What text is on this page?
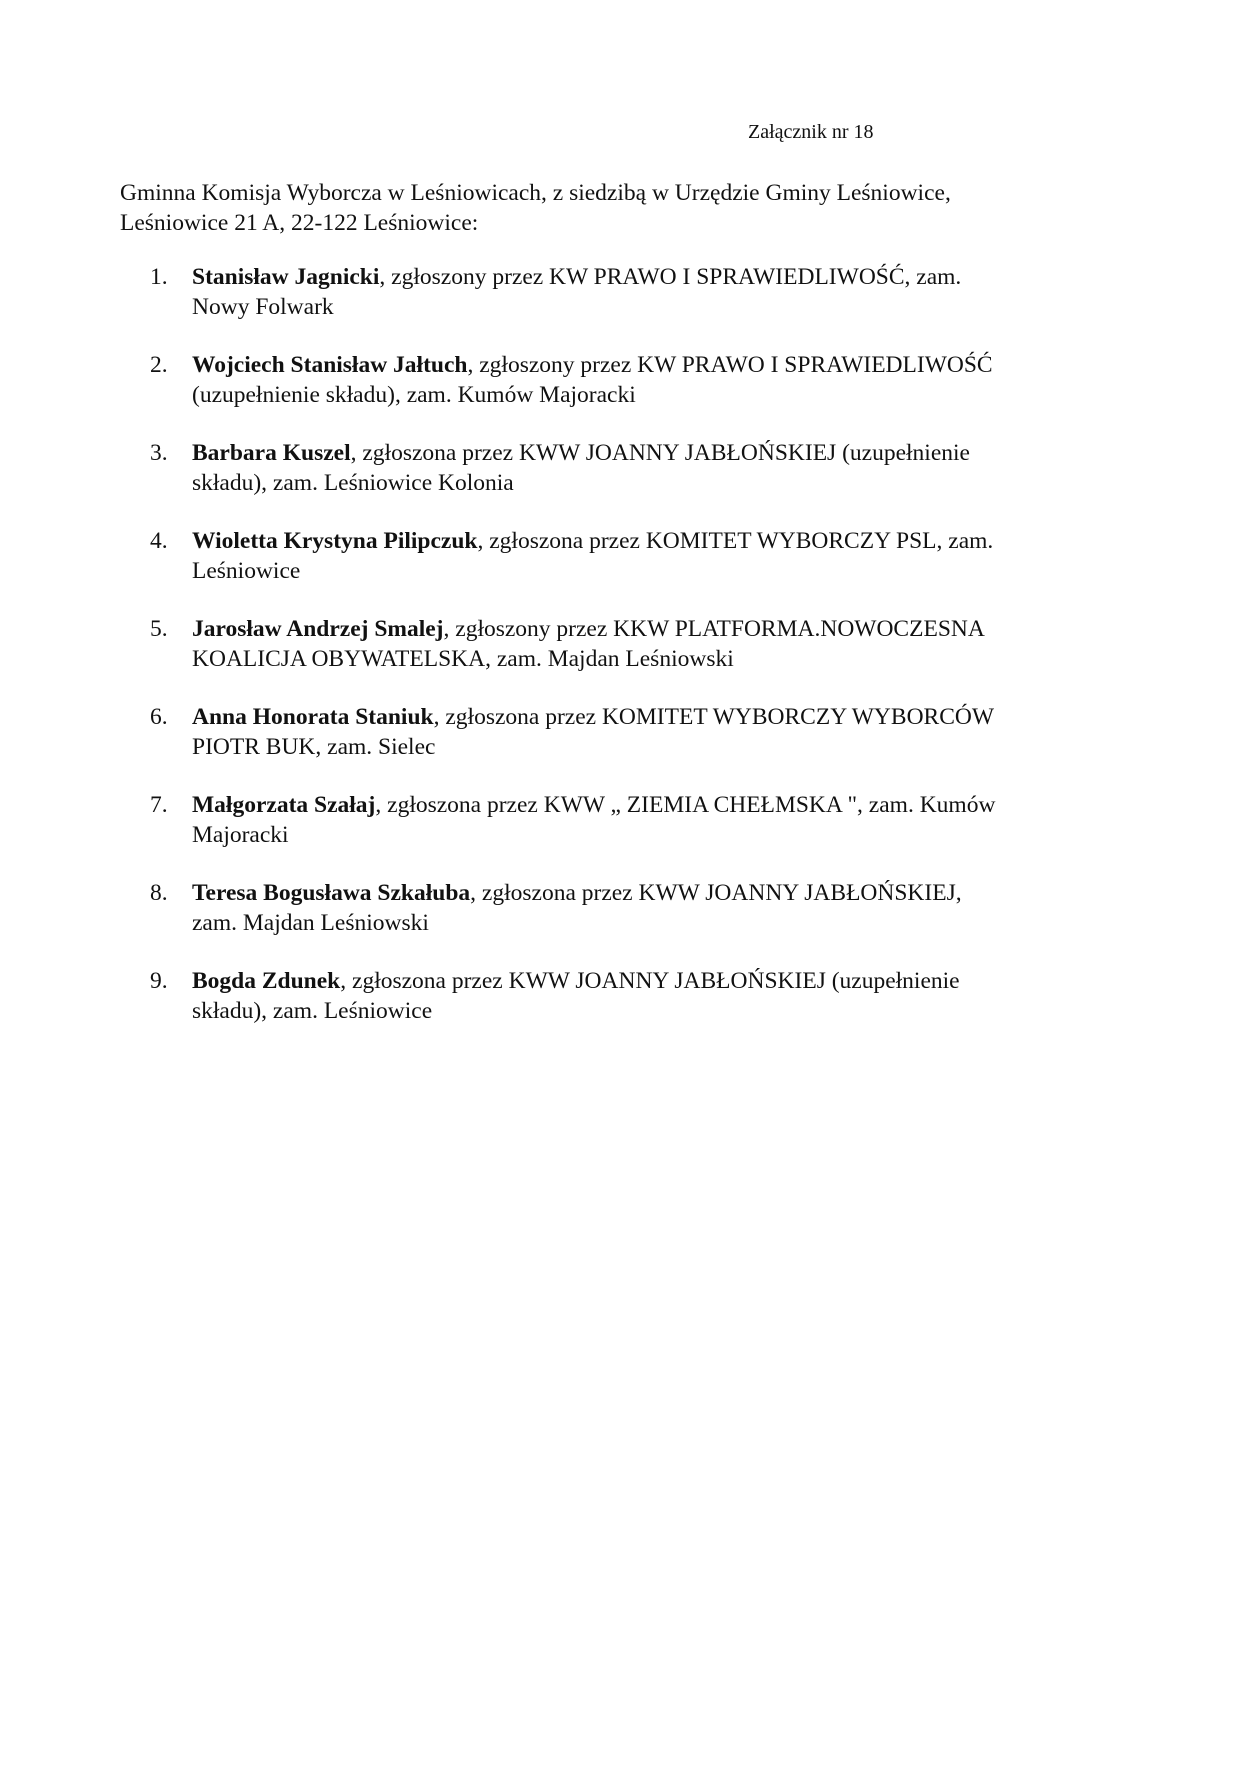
Załącznik nr 18
Gminna Komisja Wyborcza w Leśniowicach, z siedzibą w Urzędzie Gminy Leśniowice,
Leśniowice 21 A, 22-122 Leśniowice:
1.	Stanisław Jagnicki, zgłoszony przez KW PRAWO I SPRAWIEDLIWOŚĆ, zam.
Nowy Folwark
2.	Wojciech Stanisław Jałtuch, zgłoszony przez KW PRAWO I SPRAWIEDLIWOŚĆ
(uzupełnienie składu), zam. Kumów Majoracki
3.	Barbara Kuszel, zgłoszona przez KWW JOANNY JABŁOŃSKIEJ (uzupełnienie
składu), zam. Leśniowice Kolonia
4.	Wioletta Krystyna Pilipczuk, zgłoszona przez KOMITET WYBORCZY PSL, zam.
Leśniowice
5.	Jarosław Andrzej Smalej, zgłoszony przez KKW PLATFORMA.NOWOCZESNA
KOALICJA OBYWATELSKA, zam. Majdan Leśniowski
6.	Anna Honorata Staniuk, zgłoszona przez KOMITET WYBORCZY WYBORCÓW
PIOTR BUK, zam. Sielec
7.	Małgorzata Szałaj, zgłoszona przez KWW „ ZIEMIA CHEŁMSKA ", zam. Kumów
Majoracki
8.	Teresa Bogusława Szkałuba, zgłoszona przez KWW JOANNY JABŁOŃSKIEJ,
zam. Majdan Leśniowski
9.	Bogda Zdunek, zgłoszona przez KWW JOANNY JABŁOŃSKIEJ (uzupełnienie
składu), zam. Leśniowice
